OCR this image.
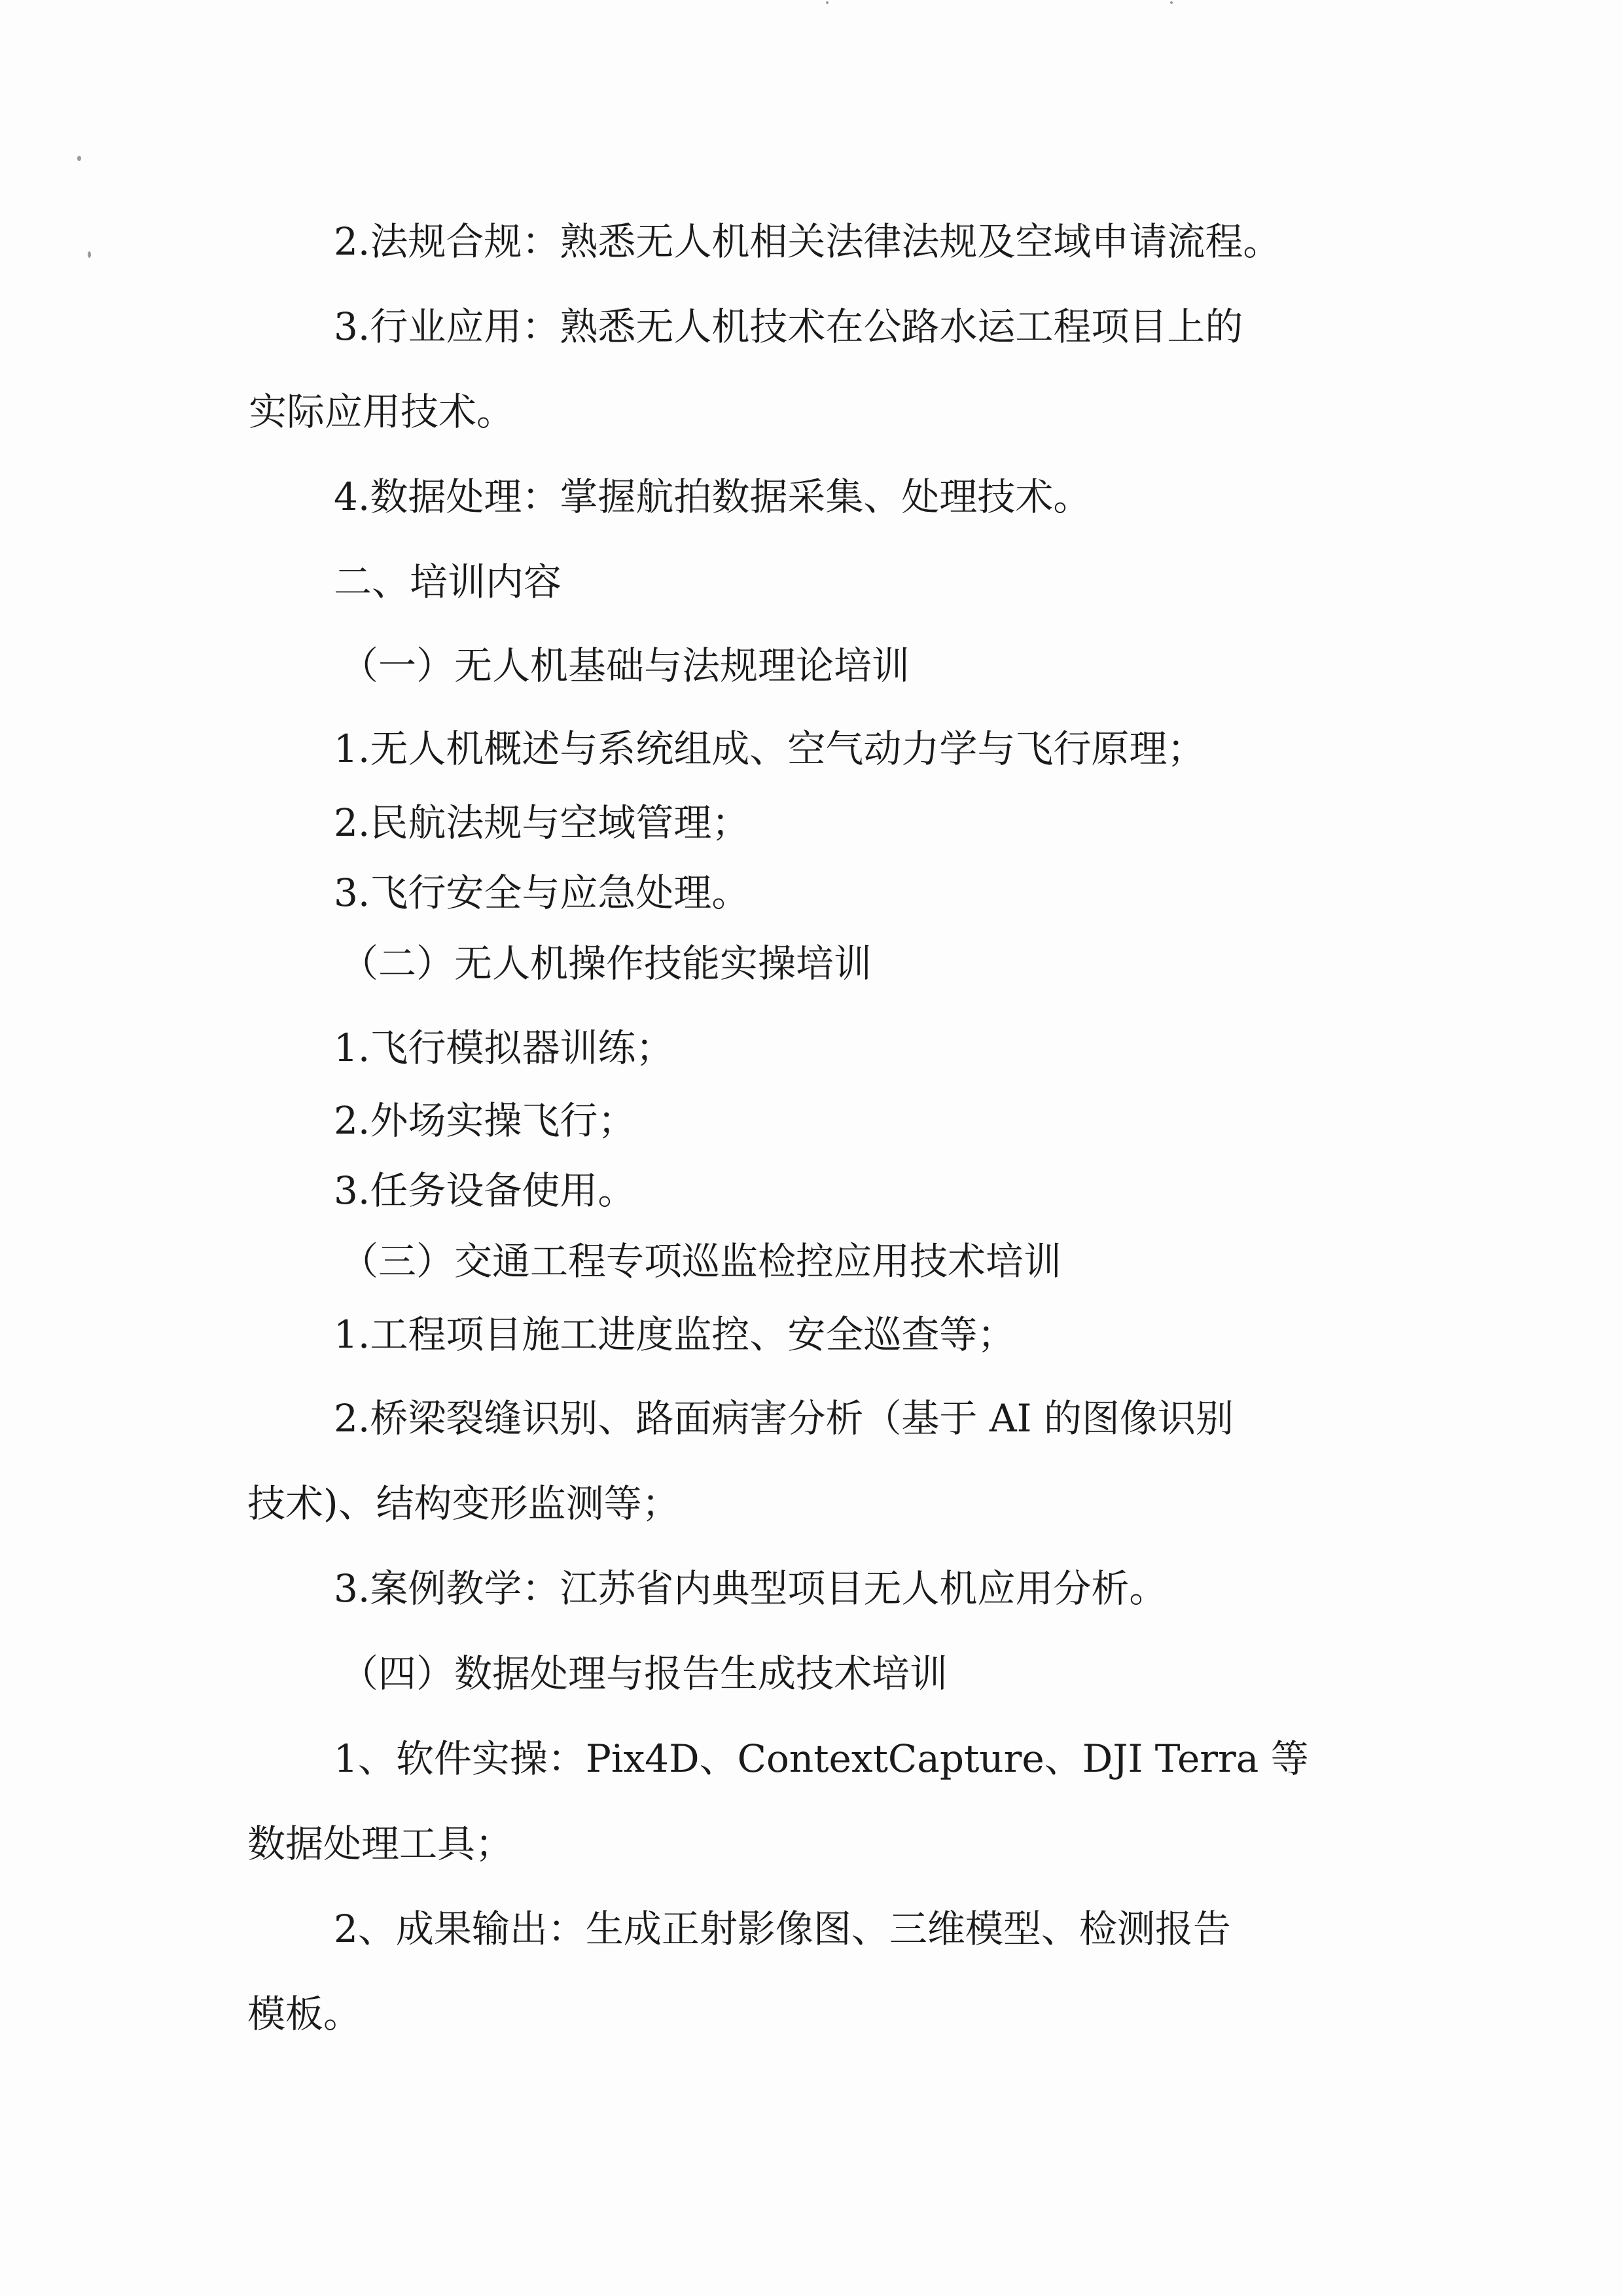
2.法规合规：熟悉无人机相关法律法规及空域申请流程。
3.行业应用：熟悉无人机技术在公路水运工程项目上的
实际应用技术。
4.数据处理：掌握航拍数据采集、处理技术。
二、培训内容
（一）无人机基础与法规理论培训
1.无人机概述与系统组成、空气动力学与飞行原理；
2.民航法规与空域管理；
3.飞行安全与应急处理。
（二）无人机操作技能实操培训
1.飞行模拟器训练；
2.外场实操飞行；
3.任务设备使用。
（三）交通工程专项巡监检控应用技术培训
1.工程项目施工进度监控、安全巡查等；
2.桥梁裂缝识别、路面病害分析（基于 AI 的图像识别
技术)、结构变形监测等；
3.案例教学：江苏省内典型项目无人机应用分析。
（四）数据处理与报告生成技术培训
1、软件实操：Pix4D、ContextCapture、DJI Terra 等
数据处理工具；
2、成果输出：生成正射影像图、三维模型、检测报告
模板。
